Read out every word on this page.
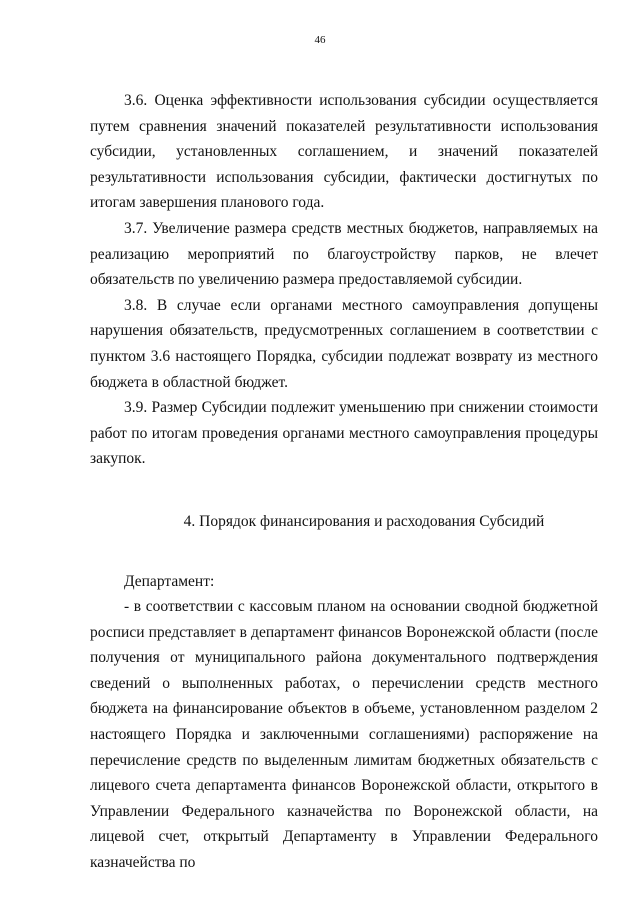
46

3.6. Оценка эффективности использования субсидии осуществляется путем сравнения значений показателей результативности использования субсидии, установленных соглашением, и значений показателей результативности использования субсидии, фактически достигнутых по итогам завершения планового года.

3.7. Увеличение размера средств местных бюджетов, направляемых на реализацию мероприятий по благоустройству парков, не влечет обязательств по увеличению размера предоставляемой субсидии.

3.8. В случае если органами местного самоуправления допущены нарушения обязательств, предусмотренных соглашением в соответствии с пунктом 3.6 настоящего Порядка, субсидии подлежат возврату из местного бюджета в областной бюджет.

3.9. Размер Субсидии подлежит уменьшению при снижении стоимости работ по итогам проведения органами местного самоуправления процедуры закупок.

4. Порядок финансирования и расходования Субсидий

Департамент:

- в соответствии с кассовым планом на основании сводной бюджетной росписи представляет в департамент финансов Воронежской области (после получения от муниципального района документального подтверждения сведений о выполненных работах, о перечислении средств местного бюджета на финансирование объектов в объеме, установленном разделом 2 настоящего Порядка и заключенными соглашениями) распоряжение на перечисление средств по выделенным лимитам бюджетных обязательств с лицевого счета департамента финансов Воронежской области, открытого в Управлении Федерального казначейства по Воронежской области, на лицевой счет, открытый Департаменту в Управлении Федерального казначейства по
